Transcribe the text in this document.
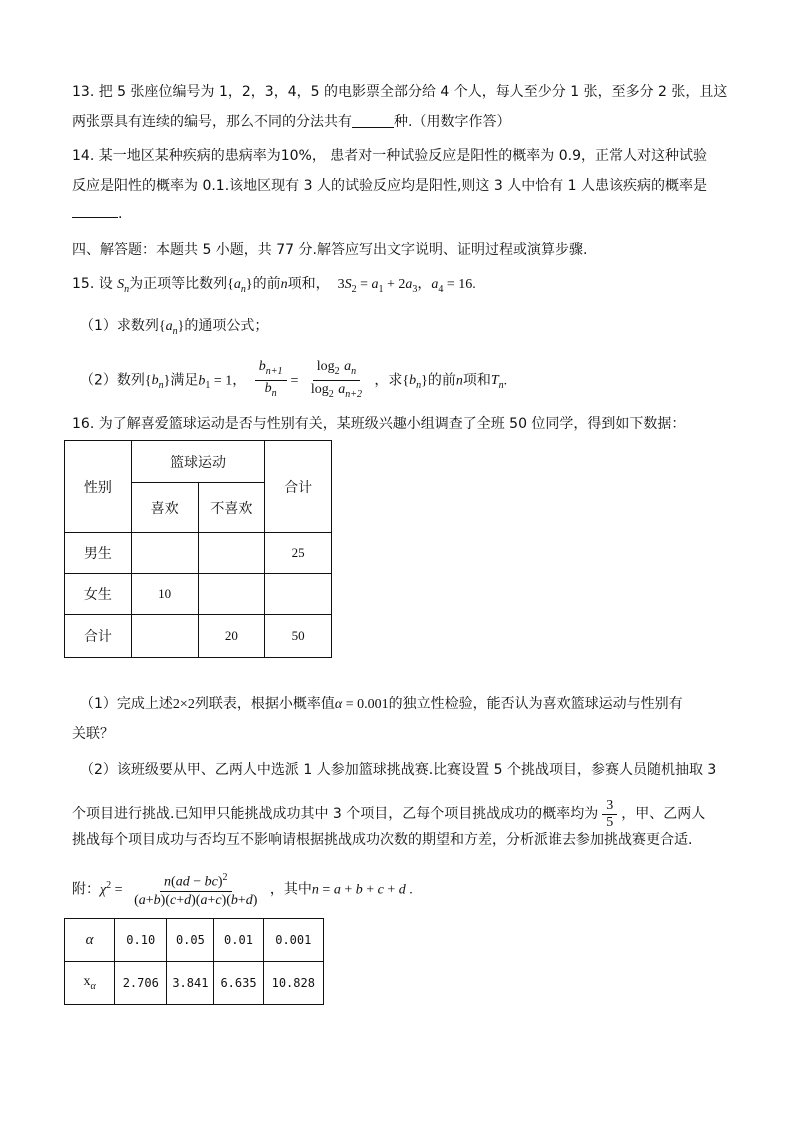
13. 把 5 张座位编号为 1，2，3，4，5 的电影票全部分给 4 个人，每人至少分 1 张，至多分 2 张，且这
两张票具有连续的编号，那么不同的分法共有	种.（用数字作答）
14. 某一地区某种疾病的患病率为10%， 患者对一种试验反应是阳性的概率为 0.9，正常人对这种试验
反应是阳性的概率为 0.1.该地区现有 3 人的试验反应均是阳性,则这 3 人中恰有 1 人患该疾病的概率是
.
四、解答题：本题共 5 小题，共 77 分.解答应写出文字说明、证明过程或演算步骤.
15. 设 $S_n$为正项等比数列$\{a_n\}$的前n项和，  $3S_2 = a_1 + 2a_3$，$a_4 = 16$.
（1）求数列$\{a_n\}$的通项公式；
（2）数列$\{b_n\}$满足$b_1 = 1$， $\frac{b_{n+1}}{b_n} = \frac{\log_2 a_n}{\log_2 a_{n+2}}$ ，求$\{b_n\}$的前n项和$T_n$.
16. 为了解喜爱篮球运动是否与性别有关，某班级兴趣小组调查了全班 50 位同学，得到如下数据：
性别	篮球运动		合计
	喜欢	不喜欢	
男生			25
女生	10		
合计		20	50
（1）完成上述2×2列联表，根据小概率值α = 0.001的独立性检验，能否认为喜欢篮球运动与性别有
关联？
（2）该班级要从甲、乙两人中选派 1 人参加篮球挑战赛.比赛设置 5 个挑战项目，参赛人员随机抽取 3
个项目进行挑战.已知甲只能挑战成功其中 3 个项目，乙每个项目挑战成功的概率均为 $\frac{3}{5}$ ，甲、乙两人
挑战每个项目成功与否均互不影响请根据挑战成功次数的期望和方差，分析派谁去参加挑战赛更合适.
附：$\chi^2 = \frac{n(ad - bc)^2}{(a+b)(c+d)(a+c)(b+d)}$ ，其中n = a + b + c + d .
α	0.10	0.05	0.01	0.001
$x_\alpha$	2.706	3.841	6.635	10.828
